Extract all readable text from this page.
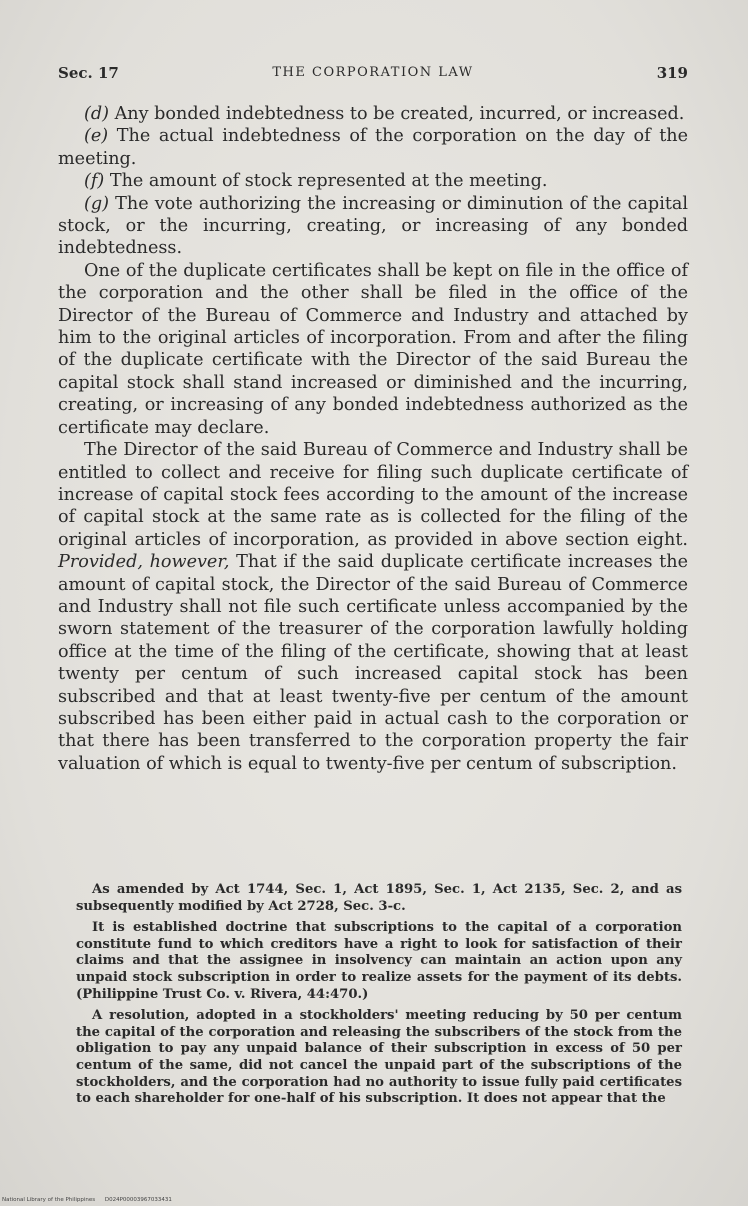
Sec. 17	THE CORPORATION LAW	319

(d) Any bonded indebtedness to be created, incurred, or increased.

(e) The actual indebtedness of the corporation on the day of the meeting.

(f) The amount of stock represented at the meeting.

(g) The vote authorizing the increasing or diminution of the capital stock, or the incurring, creating, or increasing of any bonded indebtedness.

One of the duplicate certificates shall be kept on file in the office of the corporation and the other shall be filed in the office of the Director of the Bureau of Commerce and Industry and attached by him to the original articles of incorporation. From and after the filing of the duplicate certificate with the Director of the said Bureau the capital stock shall stand increased or diminished and the incurring, creating, or increasing of any bonded indebtedness authorized as the certificate may declare.

The Director of the said Bureau of Commerce and Industry shall be entitled to collect and receive for filing such duplicate certificate of increase of capital stock fees according to the amount of the increase of capital stock at the same rate as is collected for the filing of the original articles of incorporation, as provided in above section eight. Provided, however, That if the said duplicate certificate increases the amount of capital stock, the Director of the said Bureau of Commerce and Industry shall not file such certificate unless accompanied by the sworn statement of the treasurer of the corporation lawfully holding office at the time of the filing of the certificate, showing that at least twenty per centum of such increased capital stock has been subscribed and that at least twenty-five per centum of the amount subscribed has been either paid in actual cash to the corporation or that there has been transferred to the corporation property the fair valuation of which is equal to twenty-five per centum of subscription.

As amended by Act 1744, Sec. 1, Act 1895, Sec. 1, Act 2135, Sec. 2, and as subsequently modified by Act 2728, Sec. 3-c.

It is established doctrine that subscriptions to the capital of a corporation constitute fund to which creditors have a right to look for satisfaction of their claims and that the assignee in insolvency can maintain an action upon any unpaid stock subscription in order to realize assets for the payment of its debts. (Philippine Trust Co. v. Rivera, 44:470.)

A resolution, adopted in a stockholders' meeting reducing by 50 per centum the capital of the corporation and releasing the subscribers of the stock from the obligation to pay any unpaid balance of their subscription in excess of 50 per centum of the same, did not cancel the unpaid part of the subscriptions of the stockholders, and the corporation had no authority to issue fully paid certificates to each shareholder for one-half of his subscription. It does not appear that the

National Library of the Philippines D024P00003967033431
